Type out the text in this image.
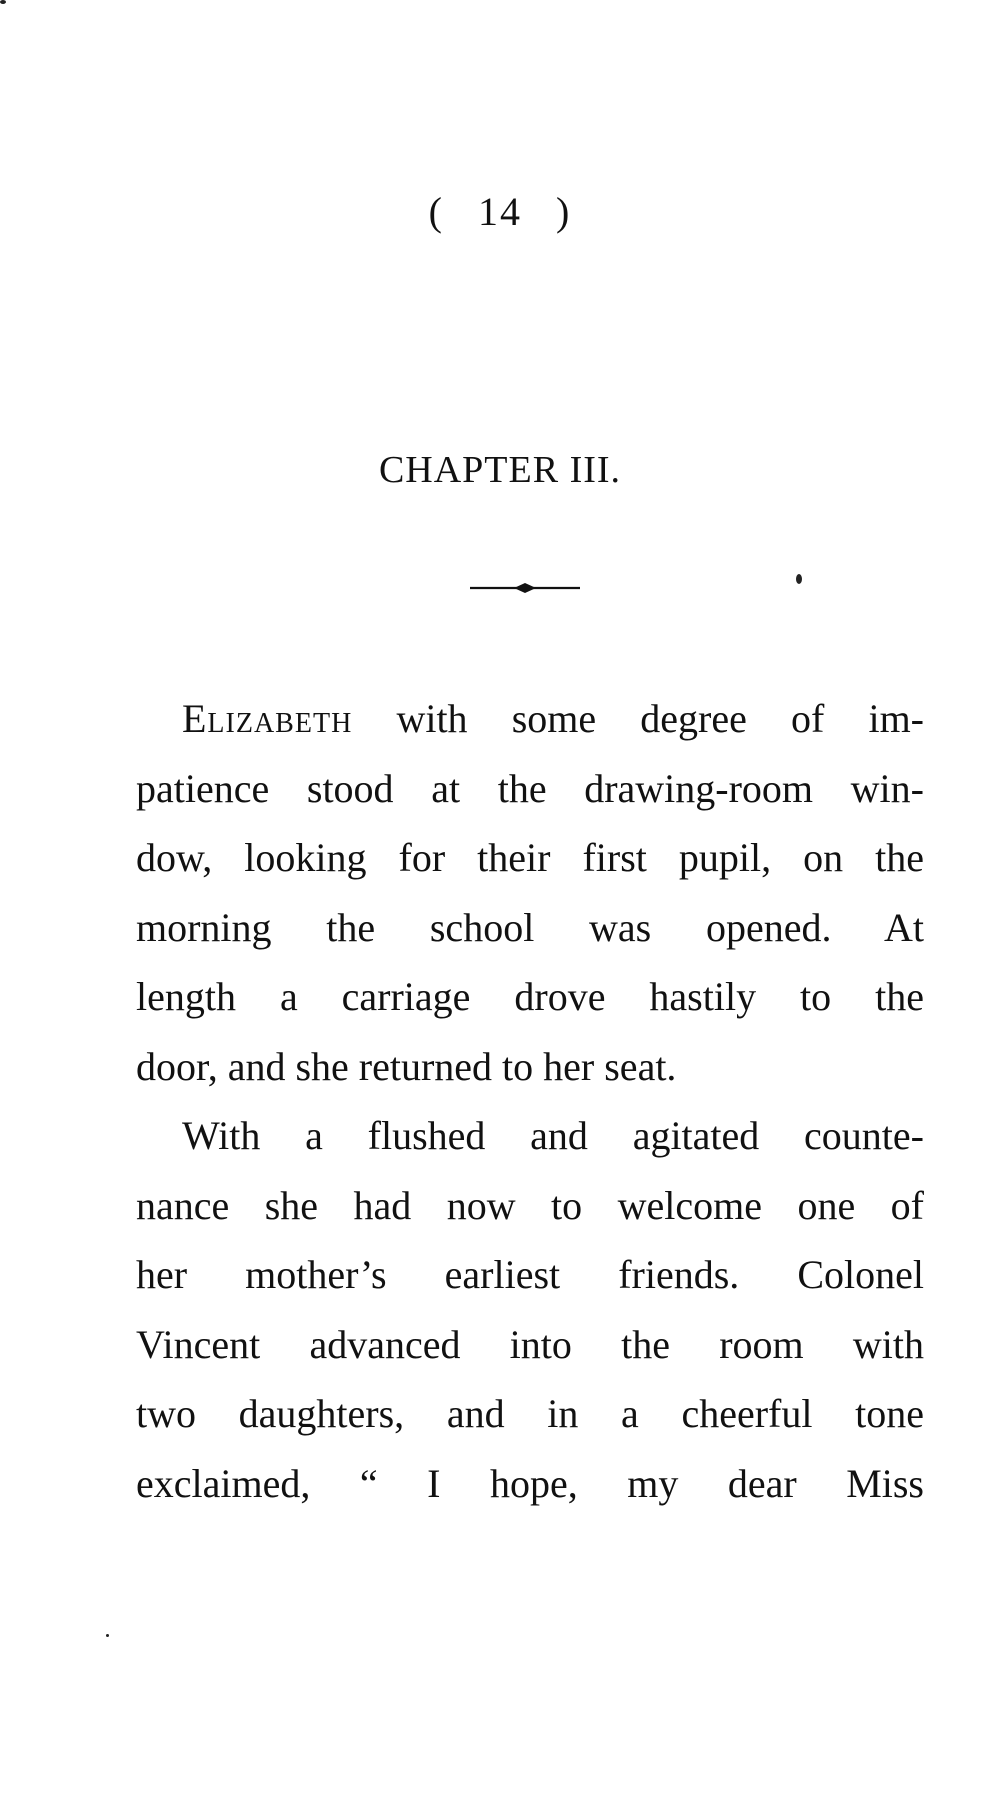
( 14 )
CHAPTER III.
Elizabeth with some degree of im-
patience stood at the drawing-room win-
dow, looking for their first pupil, on the
morning the school was opened. At
length a carriage drove hastily to the
door, and she returned to her seat.
With a flushed and agitated counte-
nance she had now to welcome one of
her mother’s earliest friends. Colonel
Vincent advanced into the room with
two daughters, and in a cheerful tone
exclaimed, “ I hope, my dear Miss
